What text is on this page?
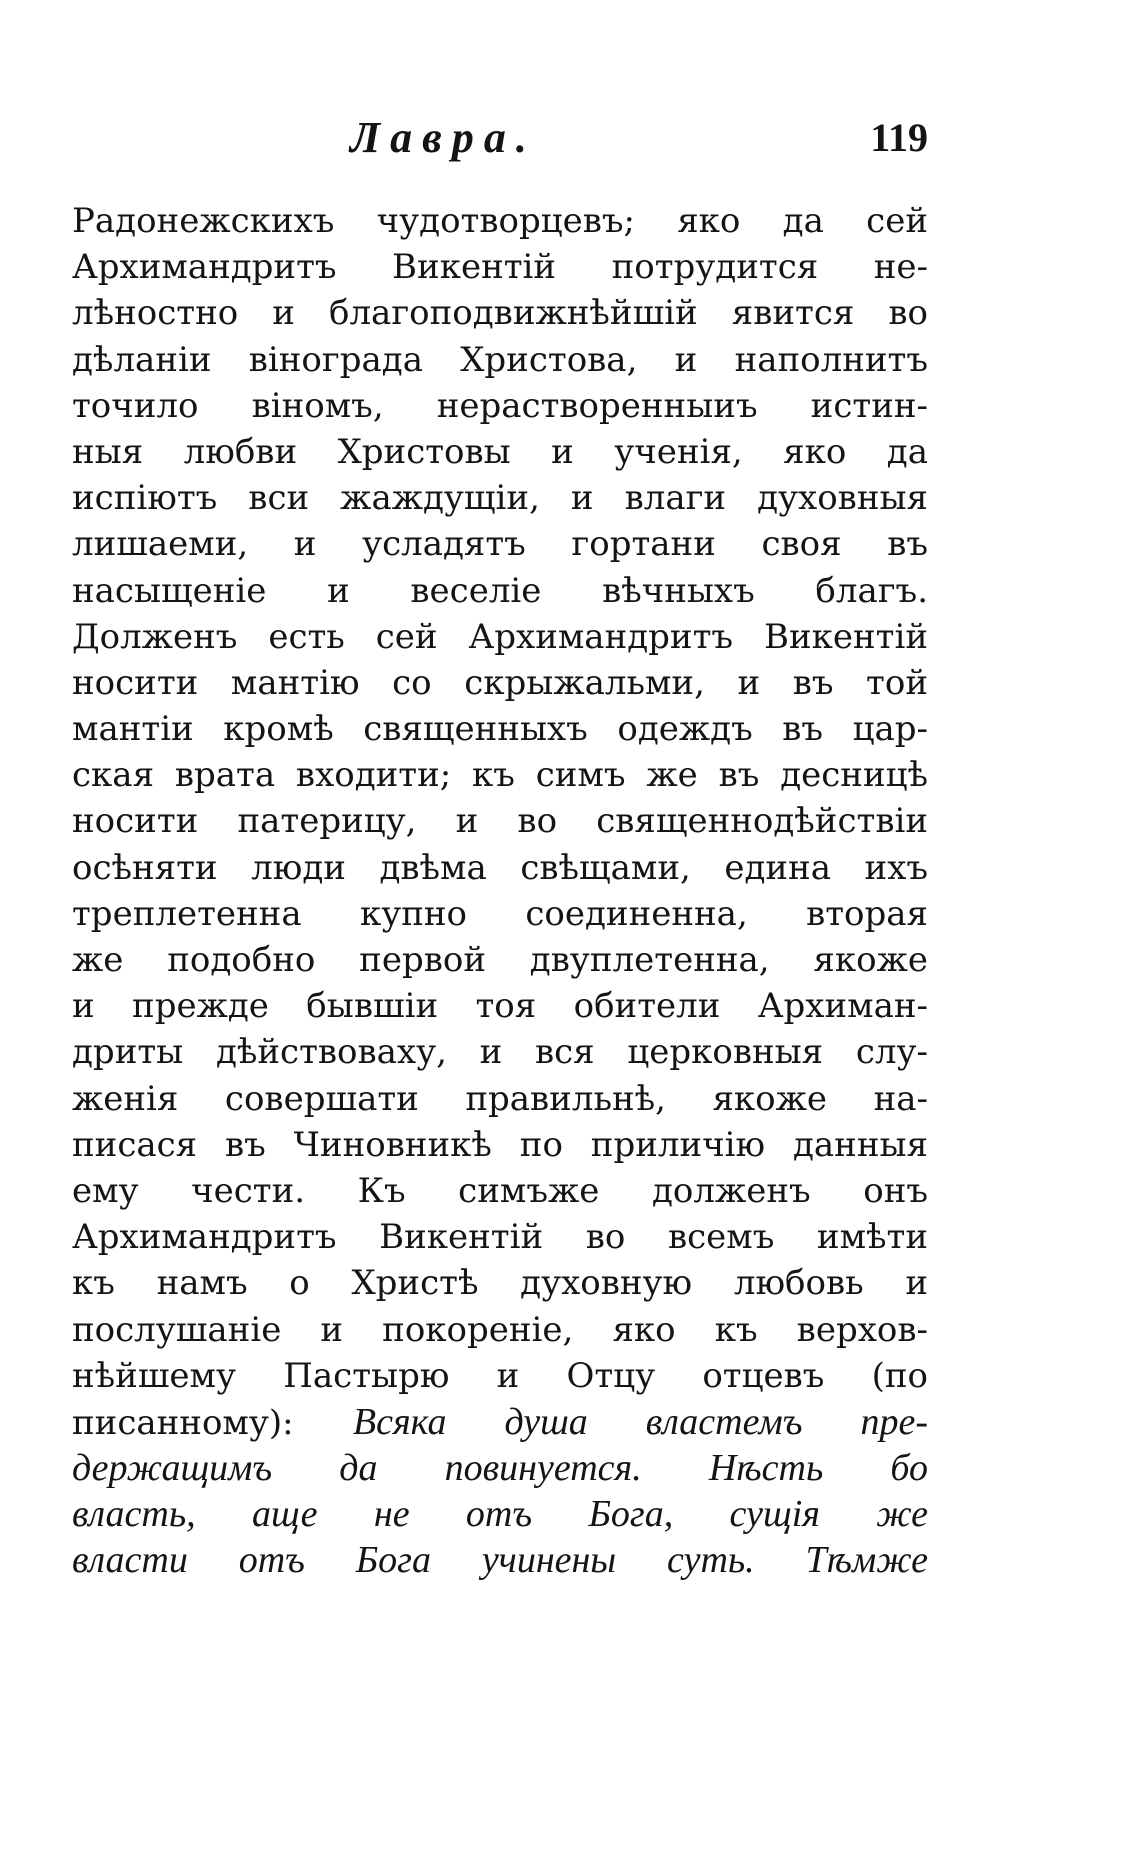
Лавра.	119
Радонежскихъ чудотворцевъ; яко да сей
Архимандритъ Викентій потрудится не-
лѣностно и благоподвижнѣйшій явится во
дѣланіи вінограда Христова, и наполнитъ
точило віномъ, нерастворенныиъ истин-
ныя любви Христовы и ученія, яко да
испіютъ вси жаждущіи, и влаги духовныя
лишаеми, и усладятъ гортани своя въ
насыщеніе и веселіе вѣчныхъ благъ.
Долженъ есть сей Архимандритъ Викентій
носити мантію со скрыжальми, и въ той
мантіи кромѣ священныхъ одеждъ въ цар-
ская врата входити; къ симъ же въ десницѣ
носити патерицу, и во священнодѣйствіи
осѣняти люди двѣма свѣщами, едина ихъ
треплетенна купно соединенна, вторая
же подобно первой двуплетенна, якоже
и прежде бывшіи тоя обители Архиман-
дриты дѣйствоваху, и вся церковныя слу-
женія совершати правильнѣ, якоже на-
писася въ Чиновникѣ по приличію данныя
ему чести. Къ симъже долженъ онъ
Архимандритъ Викентій во всемъ имѣти
къ намъ о Христѣ духовную любовь и
послушаніе и покореніе, яко къ верхов-
нѣйшему Пастырю и Отцу отцевъ (по
писанному): Всяка душа властемъ пре-
держащимъ да повинуется. Нѣсть бо
власть, аще не отъ Бога, сущія же
власти отъ Бога учинены суть. Тѣмже
